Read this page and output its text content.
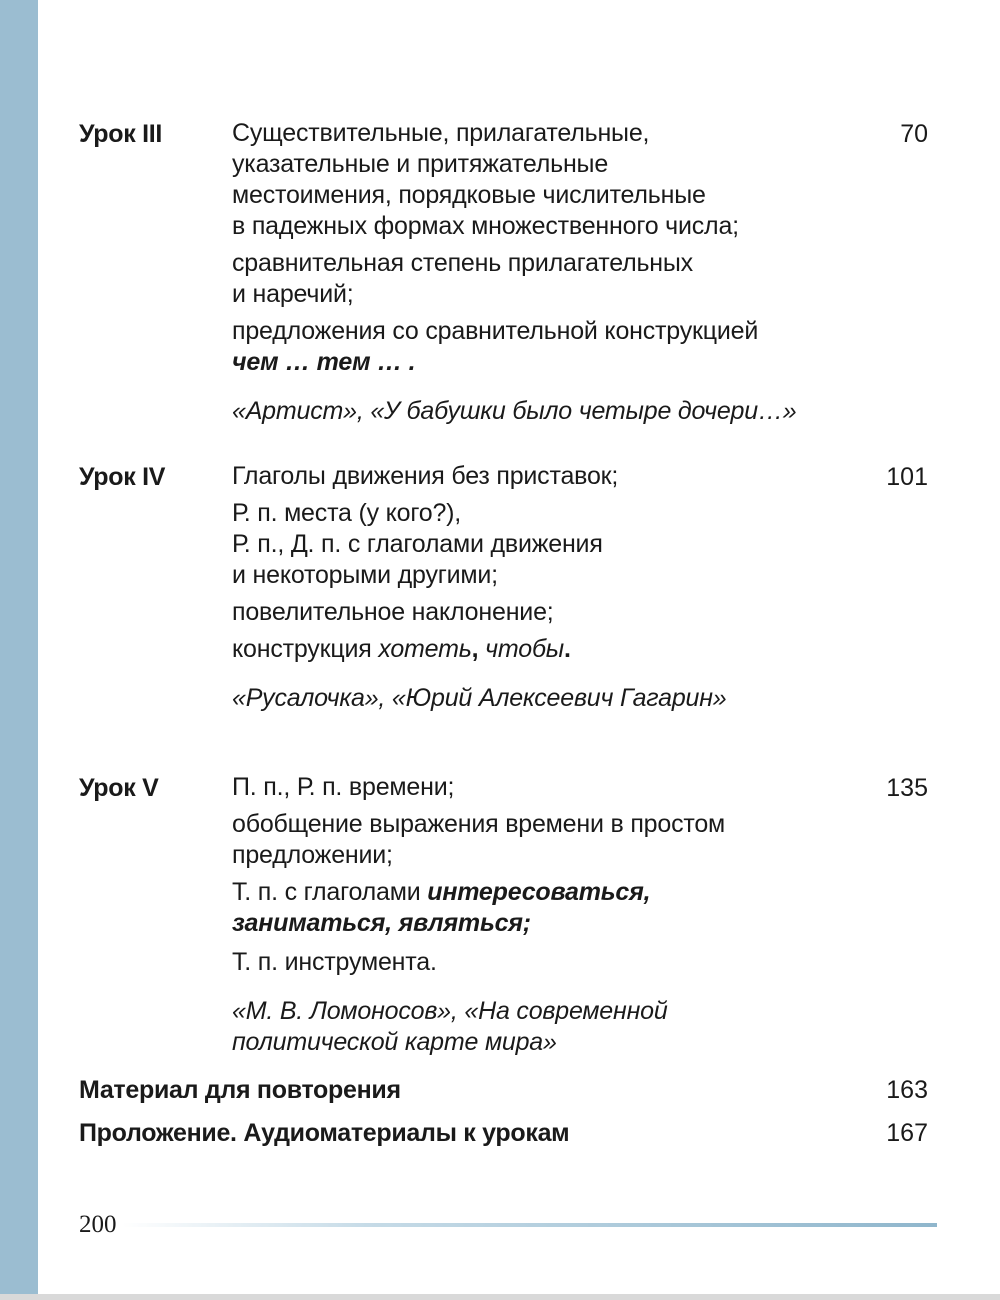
Урок III	70
Существительные, прилагательные,
указательные и притяжательные
местоимения, порядковые числительные
в падежных формах множественного числа;
сравнительная степень прилагательных
и наречий;
предложения со сравнительной конструкцией
чем … тем … .
«Артист», «У бабушки было четыре дочери…»
Урок IV	101
Глаголы движения без приставок;
Р. п. места (у кого?),
Р. п., Д. п. с глаголами движения
и некоторыми другими;
повелительное наклонение;
конструкция хотеть, чтобы.
«Русалочка», «Юрий Алексеевич Гагарин»
Урок V	135
П. п., Р. п. времени;
обобщение выражения времени в простом
предложении;
Т. п. с глаголами интересоваться,
заниматься, являться;
Т. п. инструмента.
«М. В. Ломоносов», «На современной
политической карте мира»
Материал для повторения	163
Проложение. Аудиоматериалы к урокам	167
200
